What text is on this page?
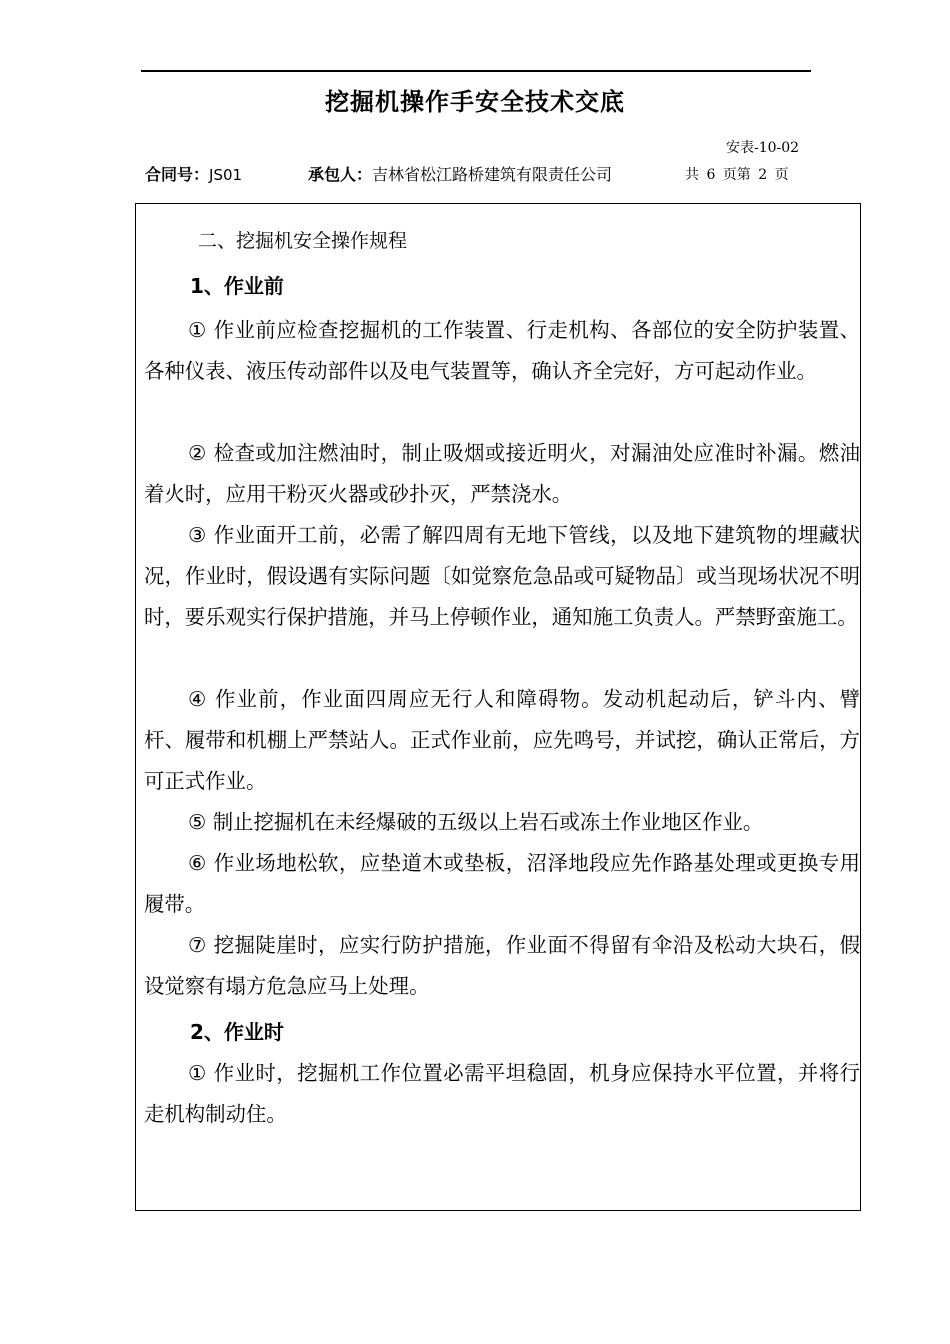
挖掘机操作手安全技术交底
安表-10-02
合同号：JS01	承包人：吉林省松江路桥建筑有限责任公司	共 6 页第 2 页
二、挖掘机安全操作规程
1、作业前

① 作业前应检查挖掘机的工作装置、行走机构、各部位的安全防护装置、各种仪表、液压传动部件以及电气装置等，确认齐全完好，方可起动作业。

② 检查或加注燃油时，制止吸烟或接近明火，对漏油处应准时补漏。燃油着火时，应用干粉灭火器或砂扑灭，严禁浇水。

③ 作业面开工前，必需了解四周有无地下管线，以及地下建筑物的埋藏状况，作业时，假设遇有实际问题〔如觉察危急品或可疑物品〕或当现场状况不明时，要乐观实行保护措施，并马上停顿作业，通知施工负责人。严禁野蛮施工。

④ 作业前，作业面四周应无行人和障碍物。发动机起动后，铲斗内、臂杆、履带和机棚上严禁站人。正式作业前，应先鸣号，并试挖，确认正常后，方可正式作业。

⑤ 制止挖掘机在未经爆破的五级以上岩石或冻土作业地区作业。

⑥ 作业场地松软，应垫道木或垫板，沼泽地段应先作路基处理或更换专用履带。

⑦ 挖掘陡崖时，应实行防护措施，作业面不得留有伞沿及松动大块石，假设觉察有塌方危急应马上处理。

2、作业时

① 作业时，挖掘机工作位置必需平坦稳固，机身应保持水平位置，并将行走机构制动住。
